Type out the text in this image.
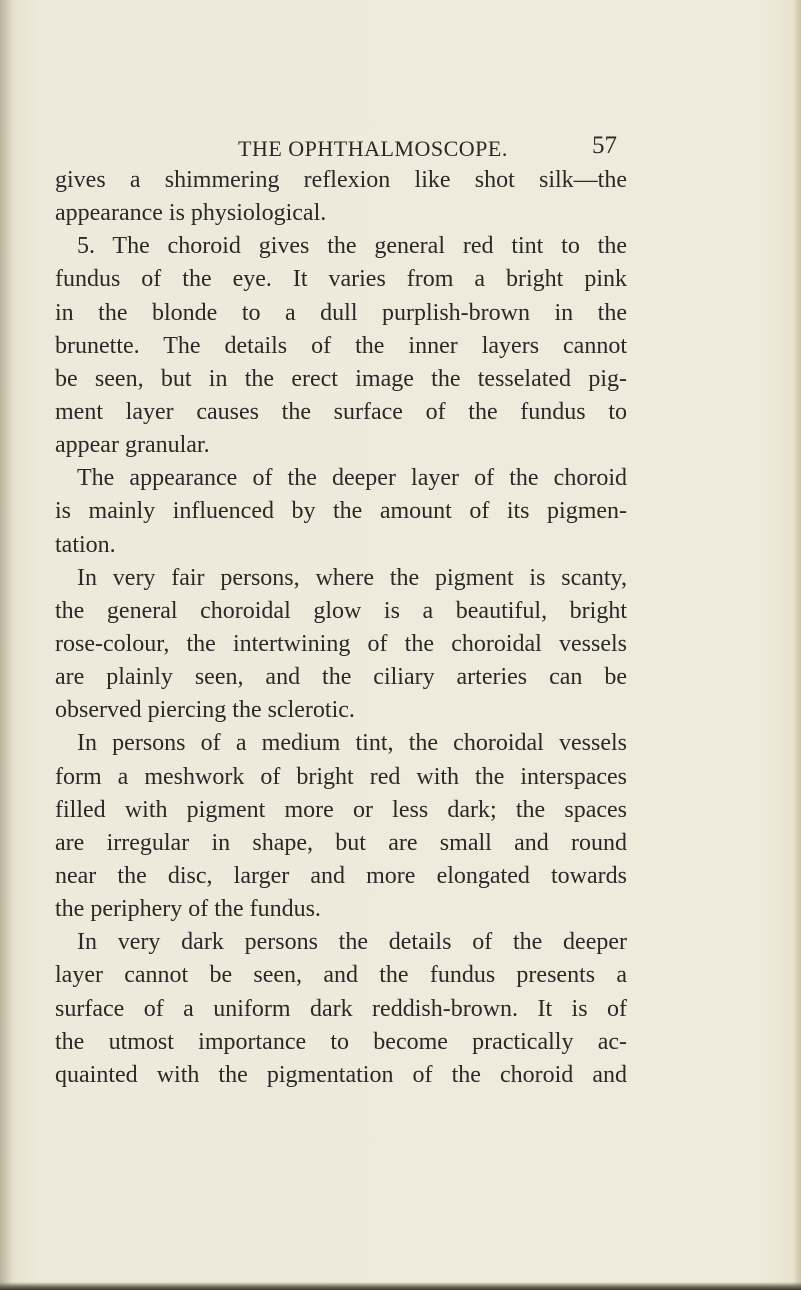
THE OPHTHALMOSCOPE.	57
gives a shimmering reflexion like shot silk—the
appearance is physiological.
5. The choroid gives the general red tint to the
fundus of the eye. It varies from a bright pink
in the blonde to a dull purplish-brown in the
brunette. The details of the inner layers cannot
be seen, but in the erect image the tesselated pig-
ment layer causes the surface of the fundus to
appear granular.
The appearance of the deeper layer of the choroid
is mainly influenced by the amount of its pigmen-
tation.
In very fair persons, where the pigment is scanty,
the general choroidal glow is a beautiful, bright
rose-colour, the intertwining of the choroidal vessels
are plainly seen, and the ciliary arteries can be
observed piercing the sclerotic.
In persons of a medium tint, the choroidal vessels
form a meshwork of bright red with the interspaces
filled with pigment more or less dark; the spaces
are irregular in shape, but are small and round
near the disc, larger and more elongated towards
the periphery of the fundus.
In very dark persons the details of the deeper
layer cannot be seen, and the fundus presents a
surface of a uniform dark reddish-brown. It is of
the utmost importance to become practically ac-
quainted with the pigmentation of the choroid and
